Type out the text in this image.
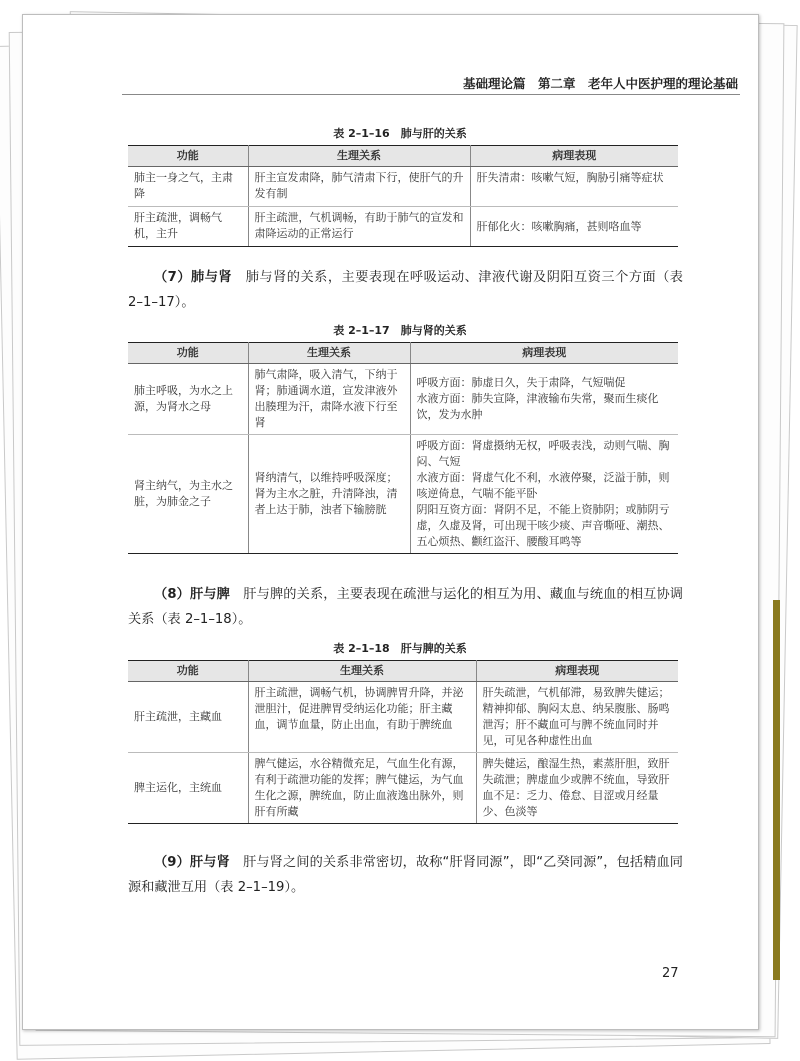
基础理论篇　第二章　老年人中医护理的理论基础
表 2–1–16　肺与肝的关系
功能	生理关系	病理表现
肺主一身之气，主肃降	肝主宣发肃降，肺气清肃下行，使肝气的升发有制	肝失清肃：咳嗽气短，胸胁引痛等症状
肝主疏泄，调畅气机，主升	肝主疏泄，气机调畅，有助于肺气的宣发和肃降运动的正常运行	肝郁化火：咳嗽胸痛，甚则咯血等
（7）肺与肾　肺与肾的关系，主要表现在呼吸运动、津液代谢及阴阳互资三个方面（表 2–1–17）。
表 2–1–17　肺与肾的关系
功能	生理关系	病理表现
肺主呼吸，为水之上源，为肾水之母	肺气肃降，吸入清气，下纳于肾；肺通调水道，宣发津液外出腠理为汗，肃降水液下行至肾	呼吸方面：肺虚日久，失于肃降，气短喘促
水液方面：肺失宣降，津液输布失常，聚而生痰化饮，发为水肿
肾主纳气，为主水之脏，为肺金之子	肾纳清气，以维持呼吸深度；肾为主水之脏，升清降浊，清者上达于肺，浊者下输膀胱	呼吸方面：肾虚摄纳无权，呼吸表浅，动则气喘、胸闷、气短
水液方面：肾虚气化不利，水液停聚，泛溢于肺，则咳逆倚息，气喘不能平卧
阴阳互资方面：肾阴不足，不能上资肺阴；或肺阴亏虚，久虚及肾，可出现干咳少痰、声音嘶哑、潮热、五心烦热、颧红盗汗、腰酸耳鸣等
（8）肝与脾　肝与脾的关系，主要表现在疏泄与运化的相互为用、藏血与统血的相互协调关系（表 2–1–18）。
表 2–1–18　肝与脾的关系
功能	生理关系	病理表现
肝主疏泄，主藏血	肝主疏泄，调畅气机，协调脾胃升降，并泌泄胆汁，促进脾胃受纳运化功能；肝主藏血，调节血量，防止出血，有助于脾统血	肝失疏泄，气机郁滞，易致脾失健运；精神抑郁、胸闷太息、纳呆腹胀、肠鸣泄泻；肝不藏血可与脾不统血同时并见，可见各种虚性出血
脾主运化，主统血	脾气健运，水谷精微充足，气血生化有源，有利于疏泄功能的发挥；脾气健运，为气血生化之源，脾统血，防止血液逸出脉外，则肝有所藏	脾失健运，酿湿生热，素蒸肝胆，致肝失疏泄；脾虚血少或脾不统血，导致肝血不足：乏力、倦怠、目涩或月经量少、色淡等
（9）肝与肾　肝与肾之间的关系非常密切，故称“肝肾同源”，即“乙癸同源”，包括精血同源和藏泄互用（表 2–1–19）。
27
